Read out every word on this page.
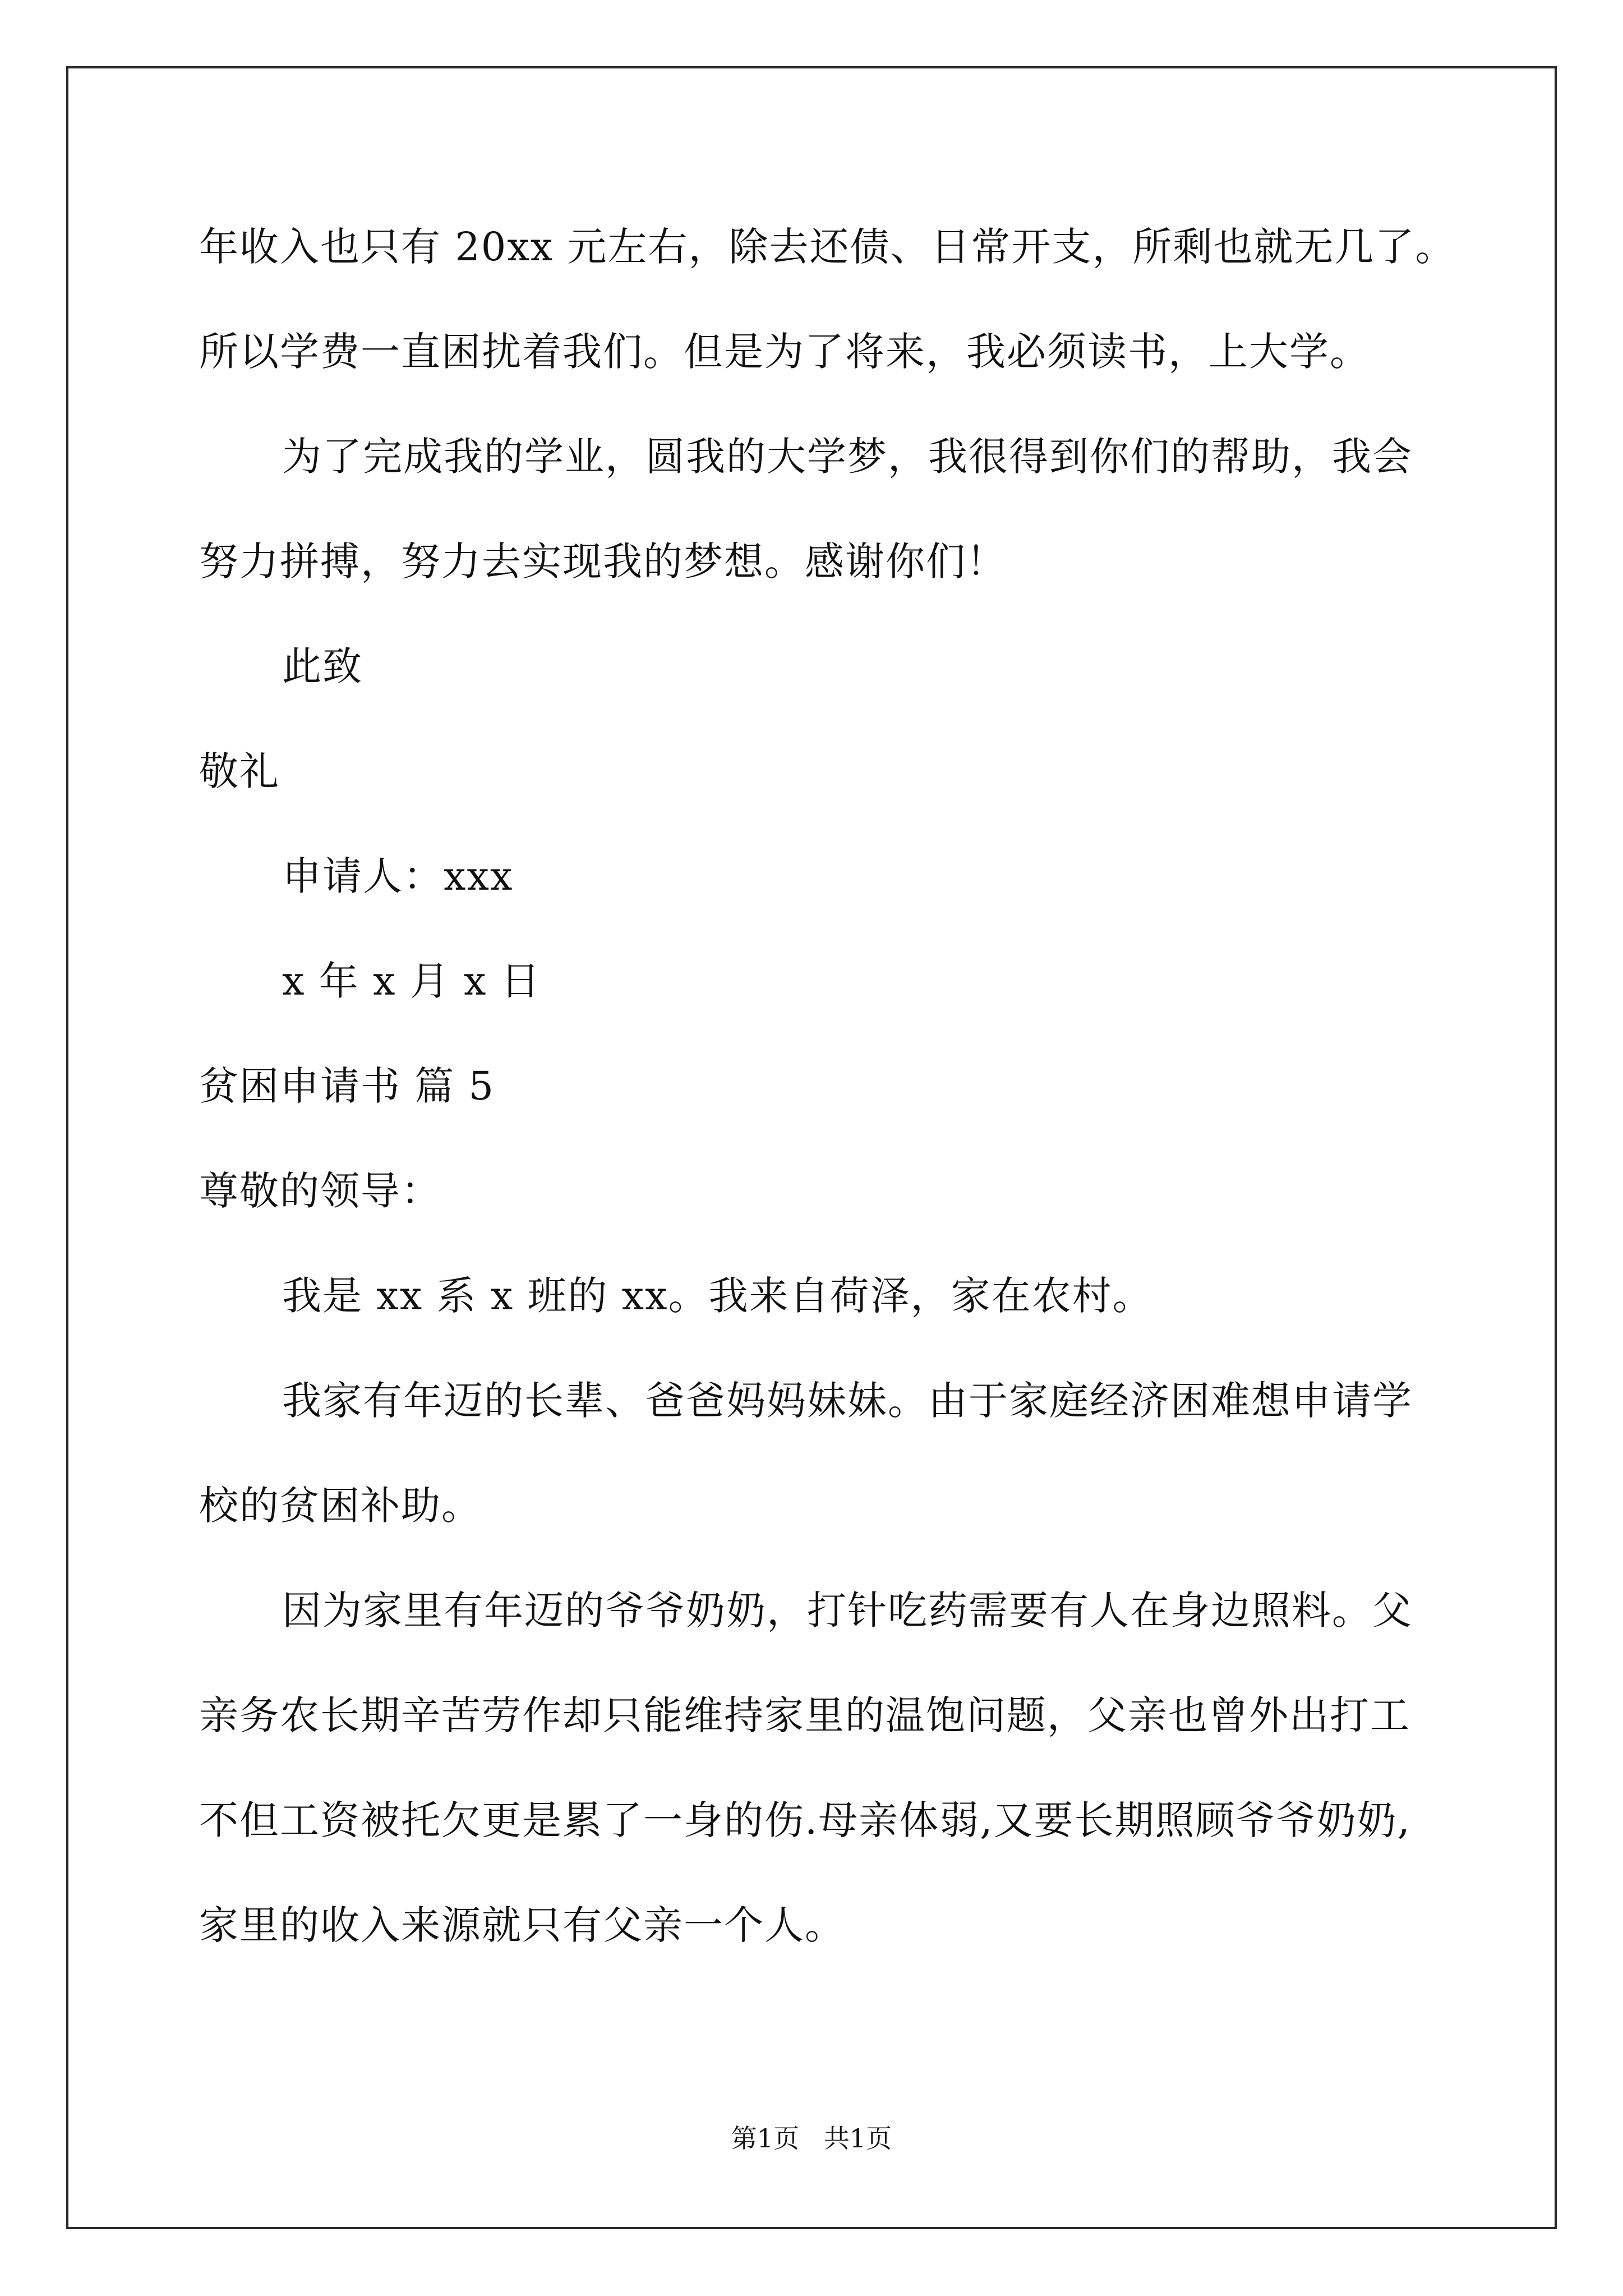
年收入也只有 20xx 元左右，除去还债、日常开支，所剩也就无几了。
所以学费一直困扰着我们。但是为了将来，我必须读书，上大学。
为了完成我的学业，圆我的大学梦，我很得到你们的帮助，我会
努力拼搏，努力去实现我的梦想。感谢你们！
此致
敬礼
申请人：xxx
x 年 x 月 x 日
贫困申请书 篇 5
尊敬的领导：
我是 xx 系 x 班的 xx。我来自荷泽，家在农村。
我家有年迈的长辈、爸爸妈妈妹妹。由于家庭经济困难想申请学
校的贫困补助。
因为家里有年迈的爷爷奶奶，打针吃药需要有人在身边照料。父
亲务农长期辛苦劳作却只能维持家里的温饱问题，父亲也曾外出打工
不但工资被托欠更是累了一身的伤.母亲体弱,又要长期照顾爷爷奶奶,
家里的收入来源就只有父亲一个人。
第1页   共1页
